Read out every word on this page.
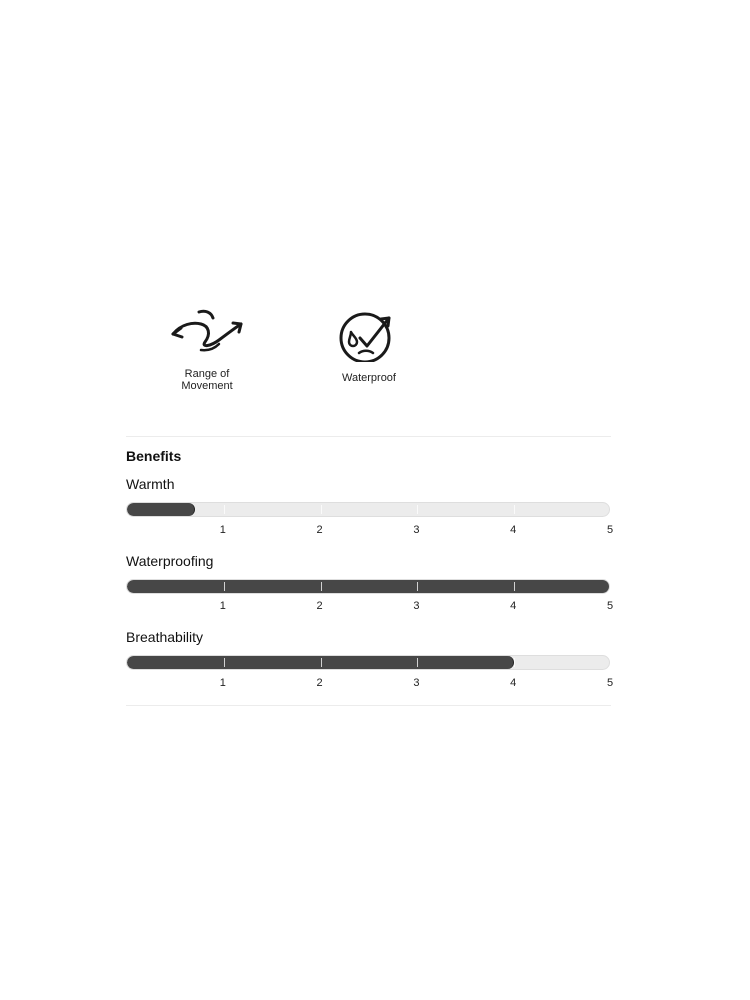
Range of
Movement
Waterproof
Benefits
Warmth
1	2	3	4	5
Waterproofing
1	2	3	4	5
Breathability
1	2	3	4	5
